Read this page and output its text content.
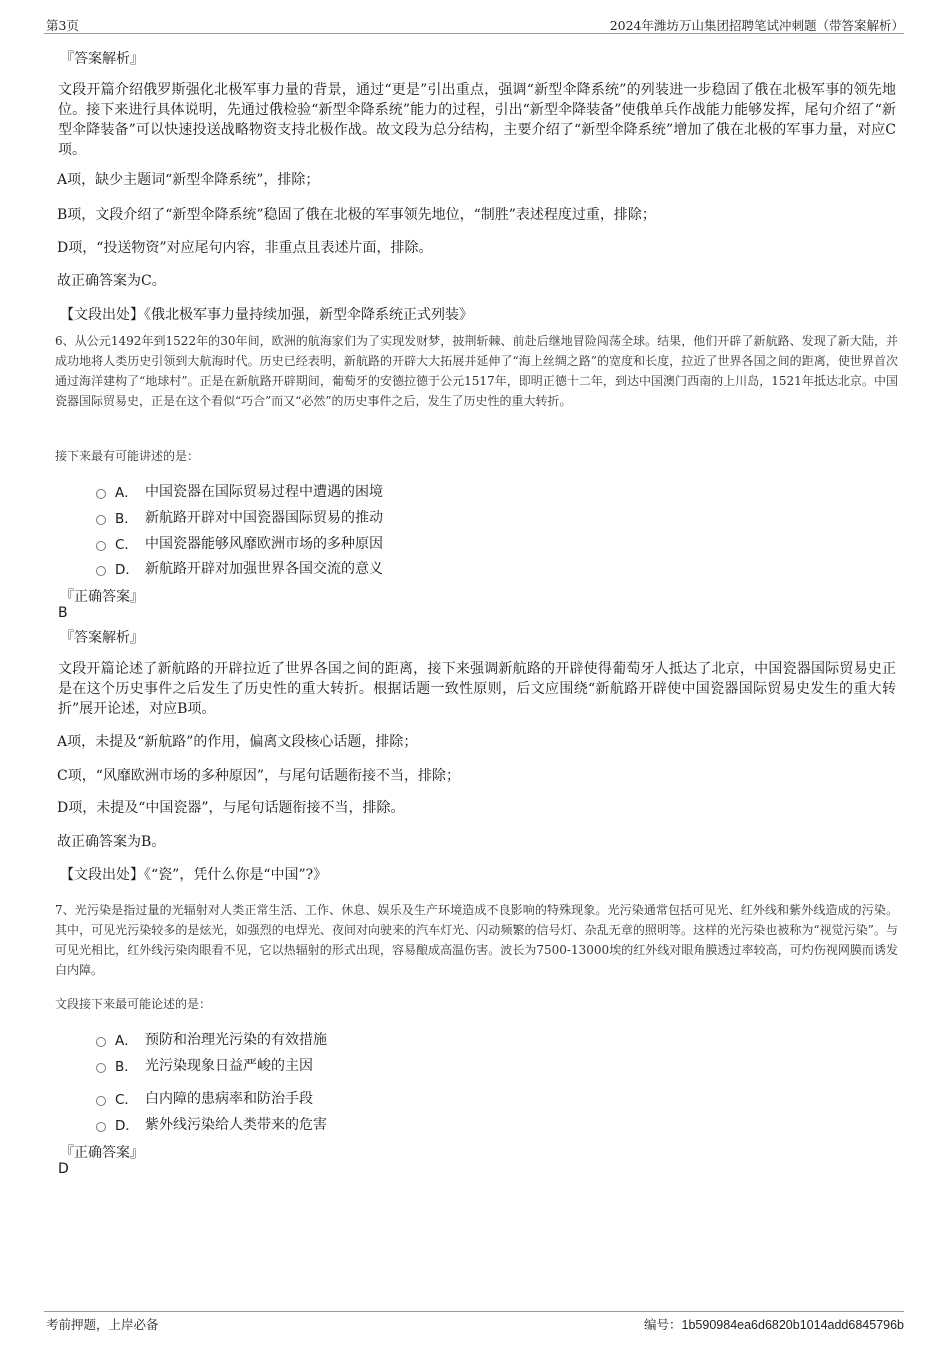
第3页	2024年潍坊万山集团招聘笔试冲刺题（带答案解析）
『答案解析』
文段开篇介绍俄罗斯强化北极军事力量的背景，通过“更是”引出重点，强调“新型伞降系统”的列装进一步稳固了俄在北极军事的领先地位。接下来进行具体说明，先通过俄检验“新型伞降系统”能力的过程，引出“新型伞降装备”使俄单兵作战能力能够发挥，尾句介绍了“新型伞降装备”可以快速投送战略物资支持北极作战。故文段为总分结构，主要介绍了“新型伞降系统”增加了俄在北极的军事力量，对应C项。
A项，缺少主题词“新型伞降系统”，排除；
B项，文段介绍了“新型伞降系统”稳固了俄在北极的军事领先地位，“制胜”表述程度过重，排除；
D项，“投送物资”对应尾句内容，非重点且表述片面，排除。
故正确答案为C。
【文段出处】《俄北极军事力量持续加强，新型伞降系统正式列装》
6、从公元1492年到1522年的30年间，欧洲的航海家们为了实现发财梦，披荆斩棘、前赴后继地冒险闯荡全球。结果，他们开辟了新航路、发现了新大陆，并成功地将人类历史引领到大航海时代。历史已经表明，新航路的开辟大大拓展并延伸了“海上丝绸之路”的宽度和长度，拉近了世界各国之间的距离，使世界首次通过海洋建构了“地球村”。正是在新航路开辟期间，葡萄牙的安德拉德于公元1517年，即明正德十二年，到达中国澳门西南的上川岛，1521年抵达北京。中国瓷器国际贸易史，正是在这个看似“巧合”而又“必然”的历史事件之后，发生了历史性的重大转折。
接下来最有可能讲述的是：
A． 中国瓷器在国际贸易过程中遭遇的困境
B． 新航路开辟对中国瓷器国际贸易的推动
C． 中国瓷器能够风靡欧洲市场的多种原因
D． 新航路开辟对加强世界各国交流的意义
『正确答案』
B
『答案解析』
文段开篇论述了新航路的开辟拉近了世界各国之间的距离，接下来强调新航路的开辟使得葡萄牙人抵达了北京，中国瓷器国际贸易史正是在这个历史事件之后发生了历史性的重大转折。根据话题一致性原则，后文应围绕“新航路开辟使中国瓷器国际贸易史发生的重大转折”展开论述，对应B项。
A项，未提及“新航路”的作用，偏离文段核心话题，排除；
C项，“风靡欧洲市场的多种原因”，与尾句话题衔接不当，排除；
D项，未提及“中国瓷器”，与尾句话题衔接不当，排除。
故正确答案为B。
【文段出处】《“瓷”，凭什么你是“中国”?》
7、光污染是指过量的光辐射对人类正常生活、工作、休息、娱乐及生产环境造成不良影响的特殊现象。光污染通常包括可见光、红外线和紫外线造成的污染。其中，可见光污染较多的是炫光，如强烈的电焊光、夜间对向驶来的汽车灯光、闪动频繁的信号灯、杂乱无章的照明等。这样的光污染也被称为“视觉污染”。与可见光相比，红外线污染肉眼看不见，它以热辐射的形式出现，容易酿成高温伤害。波长为7500-13000埃的红外线对眼角膜透过率较高，可灼伤视网膜而诱发白内障。
文段接下来最可能论述的是：
A． 预防和治理光污染的有效措施
B． 光污染现象日益严峻的主因
C． 白内障的患病率和防治手段
D． 紫外线污染给人类带来的危害
『正确答案』
D
考前押题，上岸必备	编号：1b590984ea6d6820b1014add6845796b
